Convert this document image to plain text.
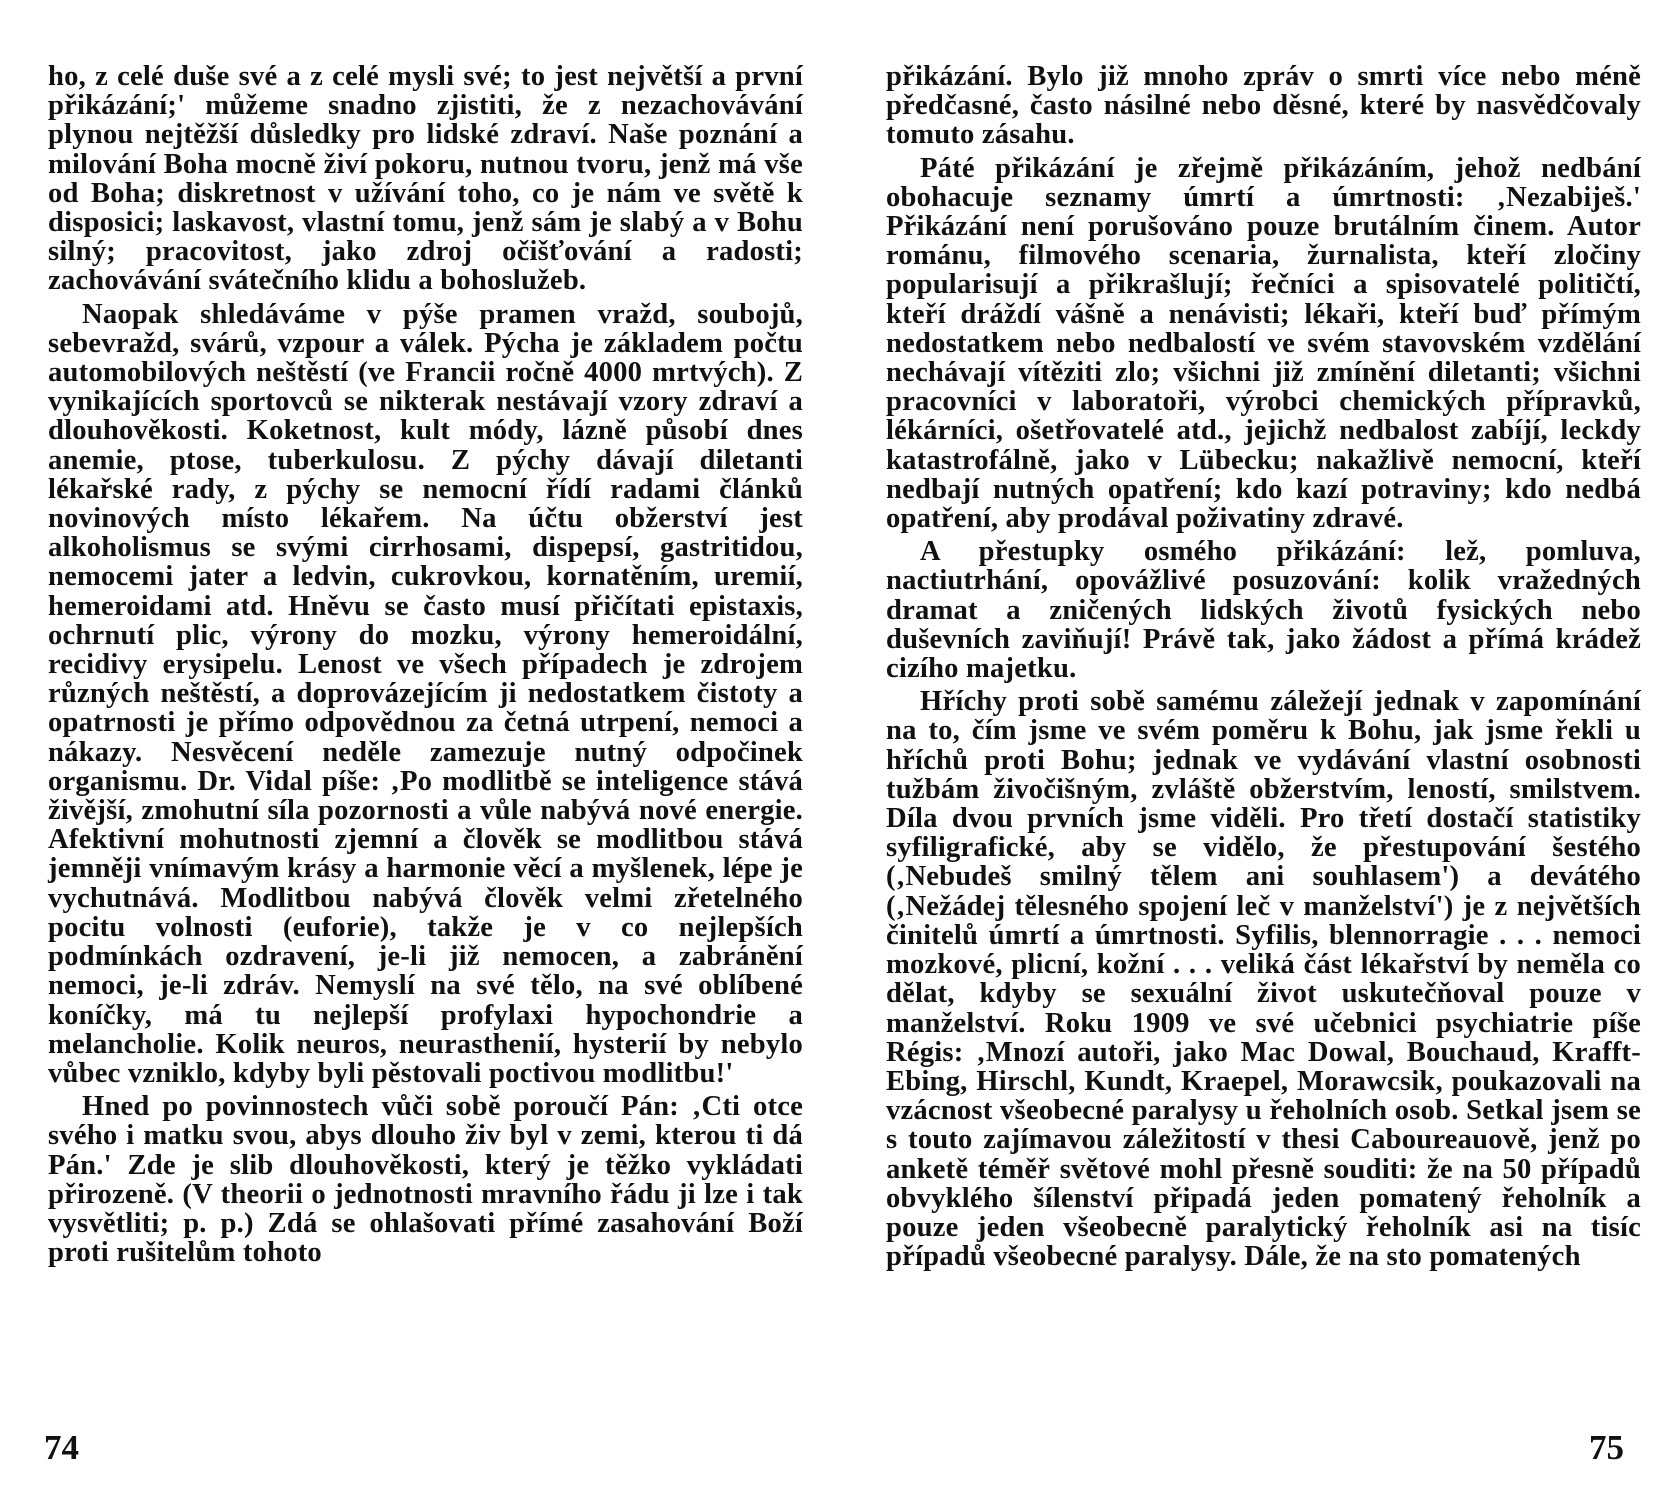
ho, z celé duše své a z celé mysli své; to jest největší a první přikázání;' můžeme snadno zjistiti, že z nezachovávání plynou nejtěžší důsledky pro lidské zdraví. Naše poznání a milování Boha mocně živí pokoru, nutnou tvoru, jenž má vše od Boha; diskretnost v užívání toho, co je nám ve světě k disposici; laskavost, vlastní tomu, jenž sám je slabý a v Bohu silný; pracovitost, jako zdroj očišťování a radosti; zachovávání svátečního klidu a bohoslužeb.

Naopak shledáváme v pýše pramen vražd, soubojů, sebevražd, svárů, vzpour a válek. Pýcha je základem počtu automobilových neštěstí (ve Francii ročně 4000 mrtvých). Z vynikajících sportovců se nikterak nestávají vzory zdraví a dlouhověkosti. Koketnost, kult módy, lázně působí dnes anemie, ptose, tuberkulosu. Z pýchy dávají diletanti lékařské rady, z pýchy se nemocní řídí radami článků novinových místo lékařem. Na účtu obžerství jest alkoholismus se svými cirrhosami, dispepsí, gastritidou, nemocemi jater a ledvin, cukrovkou, kornatěním, uremií, hemeroidami atd. Hněvu se často musí přičítati epistaxis, ochrnutí plic, výrony do mozku, výrony hemeroidální, recidivy erysipelu. Lenost ve všech případech je zdrojem různých neštěstí, a doprovázejícím ji nedostatkem čistoty a opatrnosti je přímo odpovědnou za četná utrpení, nemoci a nákazy. Nesvěcení neděle zamezuje nutný odpočinek organismu. Dr. Vidal píše: ‚Po modlitbě se inteligence stává živější, zmohutní síla pozornosti a vůle nabývá nové energie. Afektivní mohutnosti zjemní a člověk se modlitbou stává jemněji vnímavým krásy a harmonie věcí a myšlenek, lépe je vychutnává. Modlitbou nabývá člověk velmi zřetelného pocitu volnosti (euforie), takže je v co nejlepších podmínkách ozdravení, je-li již nemocen, a zabránění nemoci, je-li zdráv. Nemyslí na své tělo, na své oblíbené koníčky, má tu nejlepší profylaxi hypochondrie a melancholie. Kolik neuros, neurasthenií, hysterií by nebylo vůbec vzniklo, kdyby byli pěstovali poctivou modlitbu!'

Hned po povinnostech vůči sobě poroučí Pán: ‚Cti otce svého i matku svou, abys dlouho živ byl v zemi, kterou ti dá Pán.' Zde je slib dlouhověkosti, který je těžko vykládati přirozeně. (V theorii o jednotnosti mravního řádu ji lze i tak vysvětliti; p. p.) Zdá se ohlašovati přímé zasahování Boží proti rušitelům tohoto

74

přikázání. Bylo již mnoho zpráv o smrti více nebo méně předčasné, často násilné nebo děsné, které by nasvědčovaly tomuto zásahu.

Páté přikázání je zřejmě přikázáním, jehož nedbání obohacuje seznamy úmrtí a úmrtnosti: ‚Nezabiješ.' Přikázání není porušováno pouze brutálním činem. Autor románu, filmového scenaria, žurnalista, kteří zločiny popularisují a přikrašlují; řečníci a spisovatelé političtí, kteří dráždí vášně a nenávisti; lékaři, kteří buď přímým nedostatkem nebo nedbalostí ve svém stavovském vzdělání nechávají vítěziti zlo; všichni již zmínění diletanti; všichni pracovníci v laboratoři, výrobci chemických přípravků, lékárníci, ošetřovatelé atd., jejichž nedbalost zabíjí, leckdy katastrofálně, jako v Lübecku; nakažlivě nemocní, kteří nedbají nutných opatření; kdo kazí potraviny; kdo nedbá opatření, aby prodával poživatiny zdravé.

A přestupky osmého přikázání: lež, pomluva, nactiutrhání, opovážlivé posuzování: kolik vražedných dramat a zničených lidských životů fysických nebo duševních zaviňují! Právě tak, jako žádost a přímá krádež cizího majetku.

Hříchy proti sobě samému záležejí jednak v zapomínání na to, čím jsme ve svém poměru k Bohu, jak jsme řekli u hříchů proti Bohu; jednak ve vydávání vlastní osobnosti tužbám živočišným, zvláště obžerstvím, leností, smilstvem. Díla dvou prvních jsme viděli. Pro třetí dostačí statistiky syfiligrafické, aby se vidělo, že přestupování šestého (‚Nebudeš smilný tělem ani souhlasem') a devátého (‚Nežádej tělesného spojení leč v manželství') je z největších činitelů úmrtí a úmrtnosti. Syfilis, blennorragie . . . nemoci mozkové, plicní, kožní . . . veliká část lékařství by neměla co dělat, kdyby se sexuální život uskutečňoval pouze v manželství. Roku 1909 ve své učebnici psychiatrie píše Régis: ‚Mnozí autoři, jako Mac Dowal, Bouchaud, Krafft-Ebing, Hirschl, Kundt, Kraepel, Morawcsik, poukazovali na vzácnost všeobecné paralysy u řeholních osob. Setkal jsem se s touto zajímavou záležitostí v thesi Caboureauově, jenž po anketě téměř světové mohl přesně souditi: že na 50 případů obvyklého šílenství připadá jeden pomatený řeholník a pouze jeden všeobecně paralytický řeholník asi na tisíc případů všeobecné paralysy. Dále, že na sto pomatených

75
